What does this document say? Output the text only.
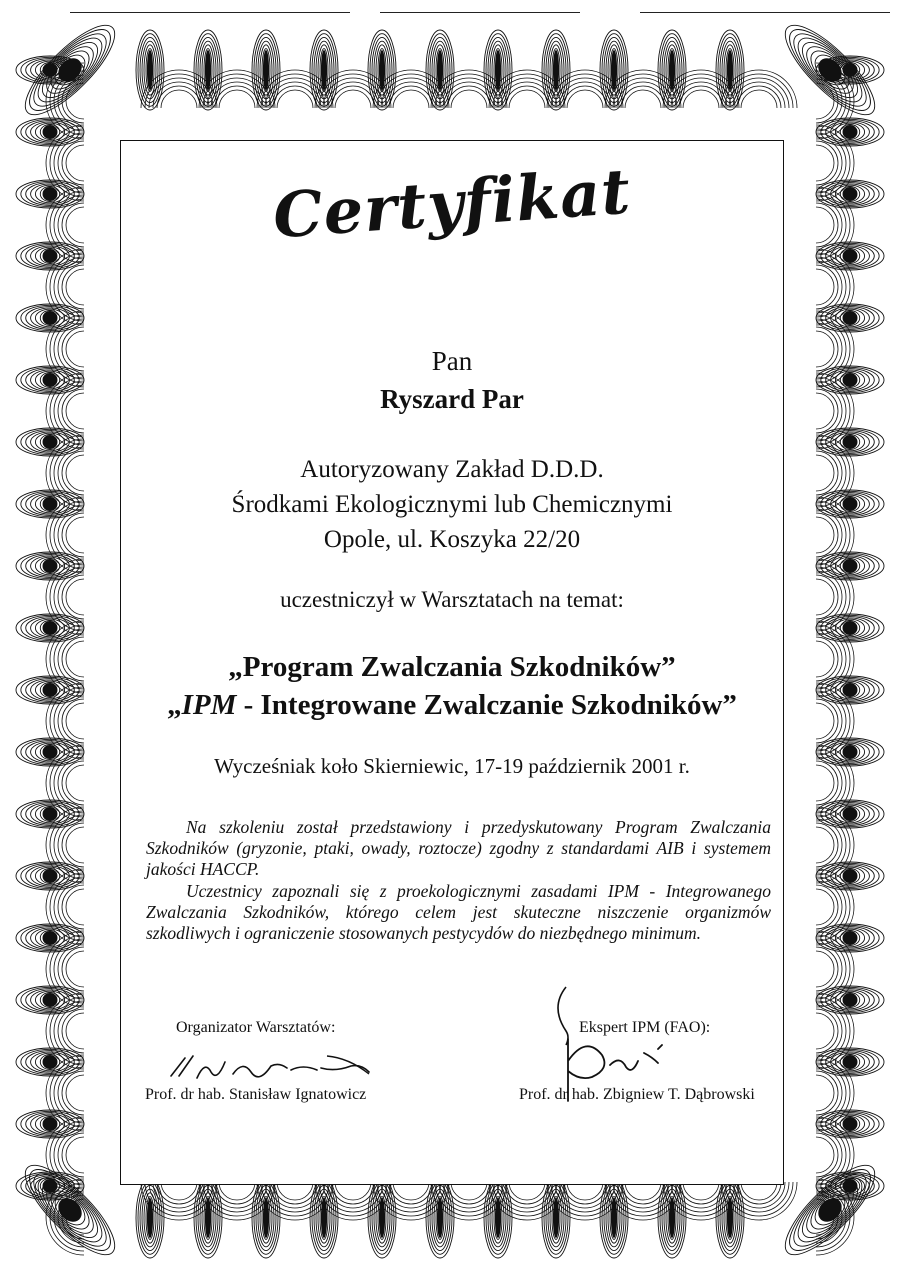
Certyfikat
Pan
Ryszard Par
Autoryzowany Zakład D.D.D.
Środkami Ekologicznymi lub Chemicznymi
Opole, ul. Koszyka 22/20
uczestniczył w Warsztatach na temat:
„Program Zwalczania Szkodników”
„IPM - Integrowane Zwalczanie Szkodników”
Wycześniak koło Skierniewic, 17-19 październik 2001 r.
Na szkoleniu został przedstawiony i przedyskutowany Program Zwalczania Szkodników (gryzonie, ptaki, owady, roztocze) zgodny z standardami AIB i systemem jakości HACCP.
Uczestnicy zapoznali się z proekologicznymi zasadami IPM - Integrowanego Zwalczania Szkodników, którego celem jest skuteczne niszczenie organizmów szkodliwych i ograniczenie stosowanych pestycydów do niezbędnego minimum.
Organizator Warsztatów:	Ekspert IPM (FAO):
Prof. dr hab. Stanisław Ignatowicz	Prof. dr hab. Zbigniew T. Dąbrowski
